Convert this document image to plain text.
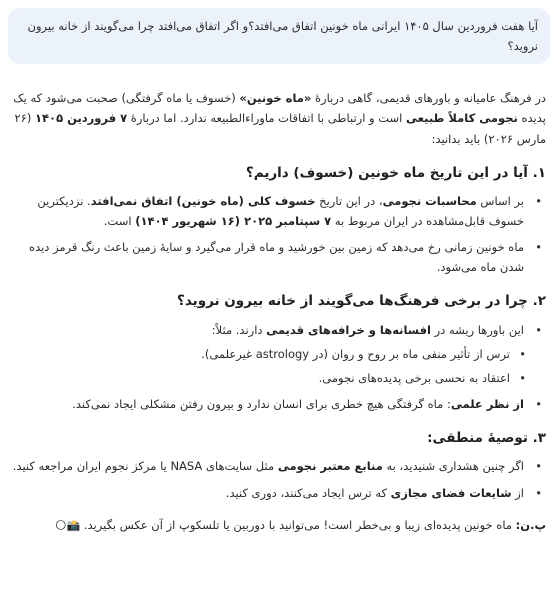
آیا هفت فروردین سال ۱۴۰۵ ایرانی ماه خونین اتفاق می‌افتد؟و اگر اتفاق می‌افتد چرا می‌گویند از خانه بیرون نروید؟

در فرهنگ عامیانه و باورهای قدیمی، گاهی دربارهٔ «ماه خونین» (خسوف یا ماه گرفتگی) صحبت می‌شود که یک پدیده نجومی کاملاً طبیعی است و ارتباطی با اتفاقات ماوراءالطبیعه ندارد. اما دربارهٔ ۷ فروردین ۱۴۰۵ (۲۶ مارس ۲۰۲۶) باید بدانید:

۱. آیا در این تاریخ ماه خونین (خسوف) داریم؟
• بر اساس محاسبات نجومی، در این تاریخ خسوف کلی (ماه خونین) اتفاق نمی‌افتد. نزدیکترین خسوف قابل‌مشاهده در ایران مربوط به ۷ سپتامبر ۲۰۲۵ (۱۶ شهریور ۱۴۰۴) است.
• ماه خونین زمانی رخ می‌دهد که زمین بین خورشید و ماه قرار می‌گیرد و سایهٔ زمین باعث رنگ قرمز دیده شدن ماه می‌شود.
۲. چرا در برخی فرهنگ‌ها می‌گویند از خانه بیرون نروید؟
• این باورها ریشه در افسانه‌ها و خرافه‌های قدیمی دارند. مثلاً:
• ترس از تأثیر منفی ماه بر روح و روان (در astrology غیرعلمی).
• اعتقاد به نحسی برخی پدیده‌های نجومی.
• از نظر علمی: ماه گرفتگی هیچ خطری برای انسان ندارد و بیرون رفتن مشکلی ایجاد نمی‌کند.
۳. توصیهٔ منطقی:
• اگر چنین هشداری شنیدید، به منابع معتبر نجومی مثل سایت‌های NASA یا مرکز نجوم ایران مراجعه کنید.
• از شایعات فضای مجازی که ترس ایجاد می‌کنند، دوری کنید.

پ.ن: ماه خونین پدیده‌ای زیبا و بی‌خطر است! می‌توانید با دوربین یا تلسکوپ از آن عکس بگیرید. 📸🌕
